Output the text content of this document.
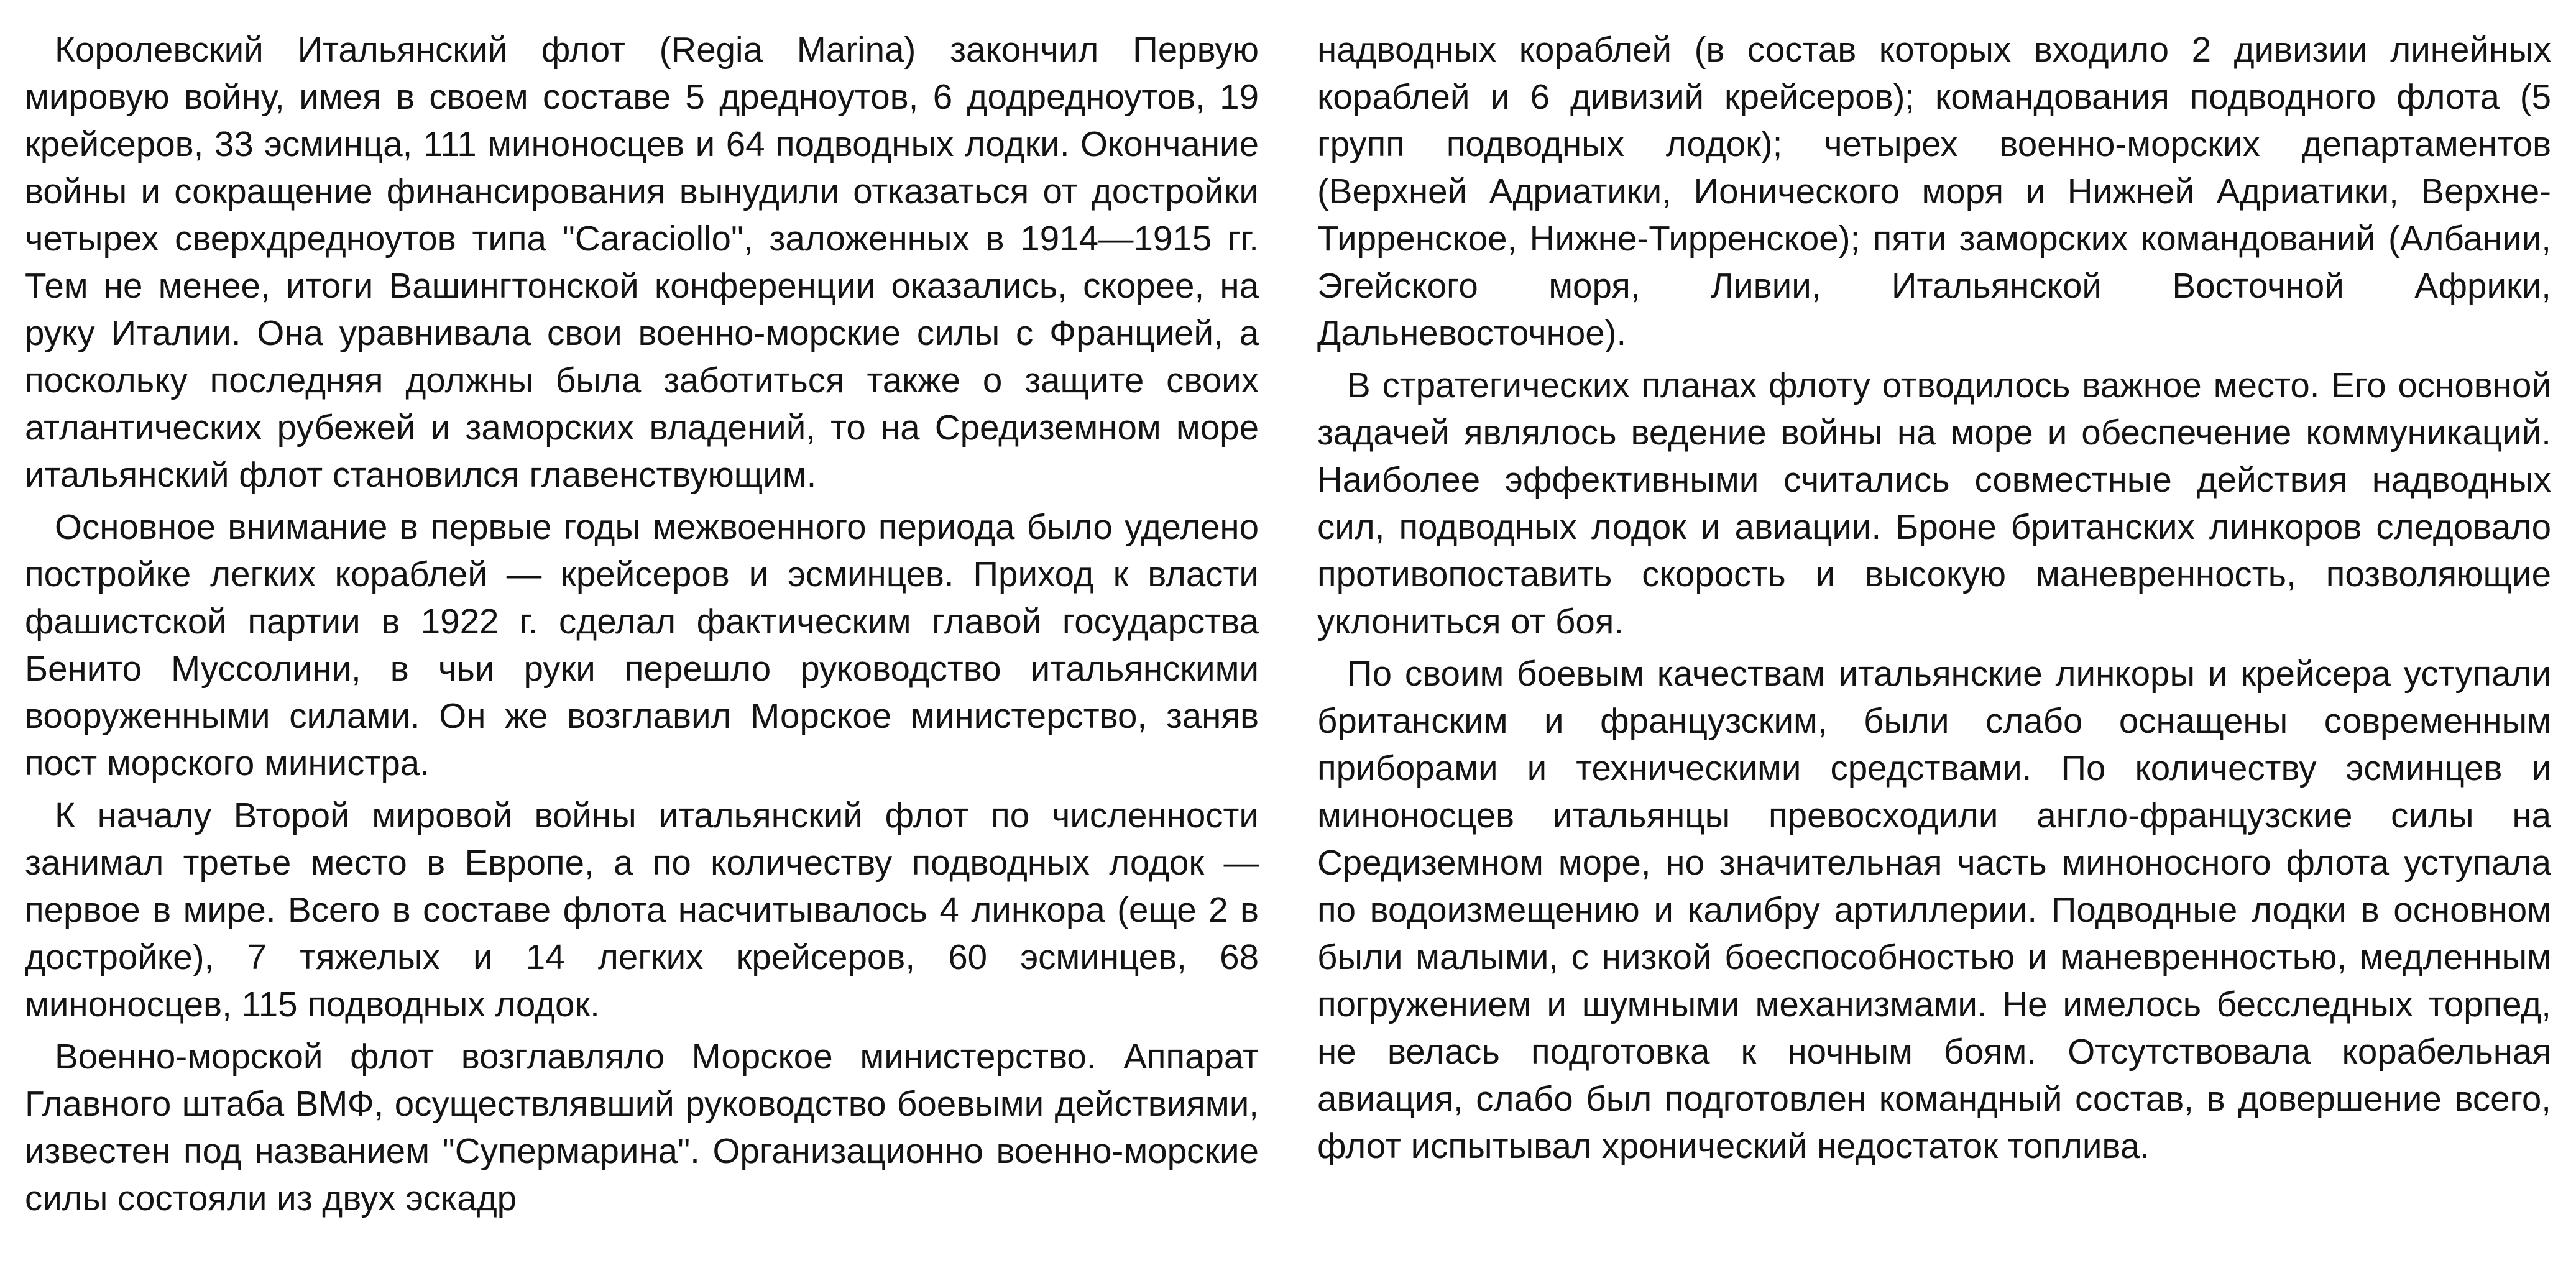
Королевский Итальянский флот (Regia Marina) закончил Первую мировую войну, имея в своем составе 5 дредноутов, 6 додредноутов, 19 крейсеров, 33 эсминца, 111 миноносцев и 64 подводных лодки. Окончание войны и сокращение финансирования вынудили отказаться от достройки четырех сверхдредноутов типа "Caraciollo", заложенных в 1914—1915 гг. Тем не менее, итоги Вашингтонской конференции оказались, скорее, на руку Италии. Она уравнивала свои военно-морские силы с Францией, а поскольку последняя должны была заботиться также о защите своих атлантических рубежей и заморских владений, то на Средиземном море итальянский флот становился главенствующим.

Основное внимание в первые годы межвоенного периода было уделено постройке легких кораблей — крейсеров и эсминцев. Приход к власти фашистской партии в 1922 г. сделал фактическим главой государства Бенито Муссолини, в чьи руки перешло руководство итальянскими вооруженными силами. Он же возглавил Морское министерство, заняв пост морского министра.

К началу Второй мировой войны итальянский флот по численности занимал третье место в Европе, а по количеству подводных лодок — первое в мире. Всего в составе флота насчитывалось 4 линкора (еще 2 в достройке), 7 тяжелых и 14 легких крейсеров, 60 эсминцев, 68 миноносцев, 115 подводных лодок.

Военно-морской флот возглавляло Морское министерство. Аппарат Главного штаба ВМФ, осуществлявший руководство боевыми действиями, известен под названием "Супермарина". Организационно военно-морские силы состояли из двух эскадр

надводных кораблей (в состав которых входило 2 дивизии линейных кораблей и 6 дивизий крейсеров); командования подводного флота (5 групп подводных лодок); четырех военно-морских департаментов (Верхней Адриатики, Ионического моря и Нижней Адриатики, Верхне-Тирренское, Нижне-Тирренское); пяти заморских командований (Албании, Эгейского моря, Ливии, Итальянской Восточной Африки, Дальневосточное).

В стратегических планах флоту отводилось важное место. Его основной задачей являлось ведение войны на море и обеспечение коммуникаций. Наиболее эффективными считались совместные действия надводных сил, подводных лодок и авиации. Броне британских линкоров следовало противопоставить скорость и высокую маневренность, позволяющие уклониться от боя.

По своим боевым качествам итальянские линкоры и крейсера уступали британским и французским, были слабо оснащены современным приборами и техническими средствами. По количеству эсминцев и миноносцев итальянцы превосходили англо-французские силы на Средиземном море, но значительная часть миноносного флота уступала по водоизмещению и калибру артиллерии. Подводные лодки в основном были малыми, с низкой боеспособностью и маневренностью, медленным погружением и шумными механизмами. Не имелось бесследных торпед, не велась подготовка к ночным боям. Отсутствовала корабельная авиация, слабо был подготовлен командный состав, в довершение всего, флот испытывал хронический недостаток топлива.
